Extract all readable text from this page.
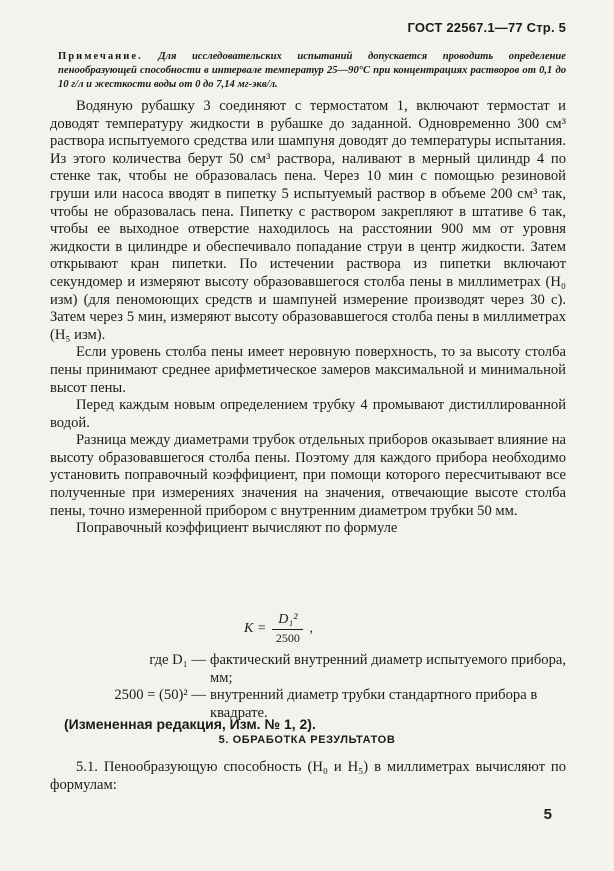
ГОСТ 22567.1—77 Стр. 5
Примечание. Для исследовательских испытаний допускается проводить определение пенообразующей способности в интервале температур 25—90°С при концентрациях растворов от 0,1 до 10 г/л и жесткости воды от 0 до 7,14 мг-экв/л.

Водяную рубашку 3 соединяют с термостатом 1, включают термостат и доводят температуру жидкости в рубашке до заданной. Одновременно 300 см³ раствора испытуемого средства или шампуня доводят до температуры испытания. Из этого количества берут 50 см³ раствора, наливают в мерный цилиндр 4 по стенке так, чтобы не образовалась пена. Через 10 мин с помощью резиновой груши или насоса вводят в пипетку 5 испытуемый раствор в объеме 200 см³ так, чтобы не образовалась пена. Пипетку с раствором закрепляют в штативе 6 так, чтобы ее выходное отверстие находилось на расстоянии 900 мм от уровня жидкости в цилиндре и обеспечивало попадание струи в центр жидкости. Затем открывают кран пипетки. По истечении раствора из пипетки включают секундомер и измеряют высоту образовавшегося столба пены в миллиметрах (H₀ изм) (для пеномоющих средств и шампуней измерение производят через 30 с). Затем через 5 мин, измеряют высоту образовавшегося столба пены в миллиметрах (H₅ изм).

Если уровень столба пены имеет неровную поверхность, то за высоту столба пены принимают среднее арифметическое замеров максимальной и минимальной высот пены.

Перед каждым новым определением трубку 4 промывают дистиллированной водой.

Разница между диаметрами трубок отдельных приборов оказывает влияние на высоту образовавшегося столба пены. Поэтому для каждого прибора необходимо установить поправочный коэффициент, при помощи которого пересчитывают все полученные при измерениях значения на значения, отвечающие высоте столба пены, точно измеренной прибором с внутренним диаметром трубки 50 мм.

Поправочный коэффициент вычисляют по формуле

$K = \frac{\text{D₁²}}{2500}$ ,
где D₁ — фактический внутренний диаметр испытуемого прибора, мм;
2500 = (50)² — внутренний диаметр трубки стандартного прибора в квадрате.
(Измененная редакция, Изм. № 1, 2).
5. ОБРАБОТКА РЕЗУЛЬТАТОВ

5.1. Пенообразующую способность (H₀ и H₅) в миллиметрах вычисляют по формулам:

5
